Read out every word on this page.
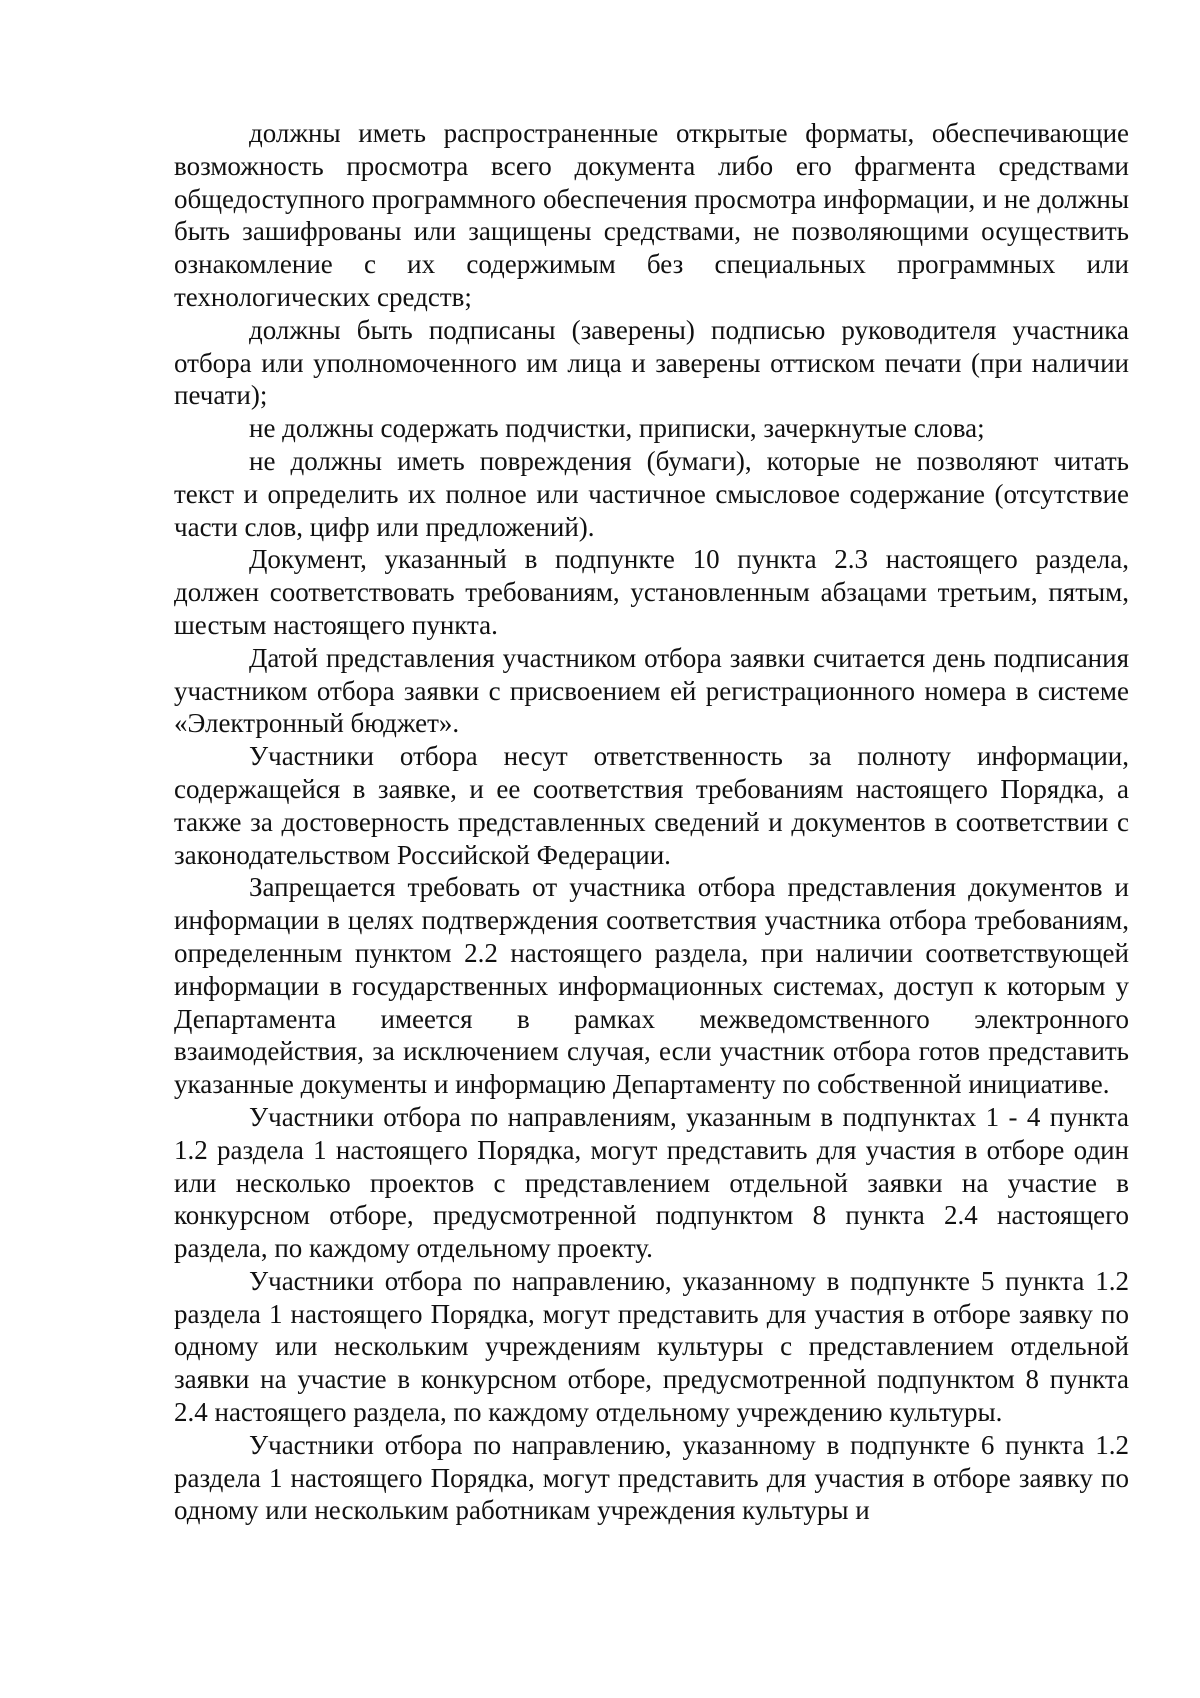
должны иметь распространенные открытые форматы, обеспечивающие возможность просмотра всего документа либо его фрагмента средствами общедоступного программного обеспечения просмотра информации, и не должны быть зашифрованы или защищены средствами, не позволяющими осуществить ознакомление с их содержимым без специальных программных или технологических средств;

должны быть подписаны (заверены) подписью руководителя участника отбора или уполномоченного им лица и заверены оттиском печати (при наличии печати);

не должны содержать подчистки, приписки, зачеркнутые слова;

не должны иметь повреждения (бумаги), которые не позволяют читать текст и определить их полное или частичное смысловое содержание (отсутствие части слов, цифр или предложений).

Документ, указанный в подпункте 10 пункта 2.3 настоящего раздела, должен соответствовать требованиям, установленным абзацами третьим, пятым, шестым настоящего пункта.

Датой представления участником отбора заявки считается день подписания участником отбора заявки с присвоением ей регистрационного номера в системе «Электронный бюджет».

Участники отбора несут ответственность за полноту информации, содержащейся в заявке, и ее соответствия требованиям настоящего Порядка, а также за достоверность представленных сведений и документов в соответствии с законодательством Российской Федерации.

Запрещается требовать от участника отбора представления документов и информации в целях подтверждения соответствия участника отбора требованиям, определенным пунктом 2.2 настоящего раздела, при наличии соответствующей информации в государственных информационных системах, доступ к которым у Департамента имеется в рамках межведомственного электронного взаимодействия, за исключением случая, если участник отбора готов представить указанные документы и информацию Департаменту по собственной инициативе.

Участники отбора по направлениям, указанным в подпунктах 1 - 4 пункта 1.2 раздела 1 настоящего Порядка, могут представить для участия в отборе один или несколько проектов с представлением отдельной заявки на участие в конкурсном отборе, предусмотренной подпунктом 8 пункта 2.4 настоящего раздела, по каждому отдельному проекту.

Участники отбора по направлению, указанному в подпункте 5 пункта 1.2 раздела 1 настоящего Порядка, могут представить для участия в отборе заявку по одному или нескольким учреждениям культуры с представлением отдельной заявки на участие в конкурсном отборе, предусмотренной подпунктом 8 пункта 2.4 настоящего раздела, по каждому отдельному учреждению культуры.

Участники отбора по направлению, указанному в подпункте 6 пункта 1.2 раздела 1 настоящего Порядка, могут представить для участия в отборе заявку по одному или нескольким работникам учреждения культуры и
